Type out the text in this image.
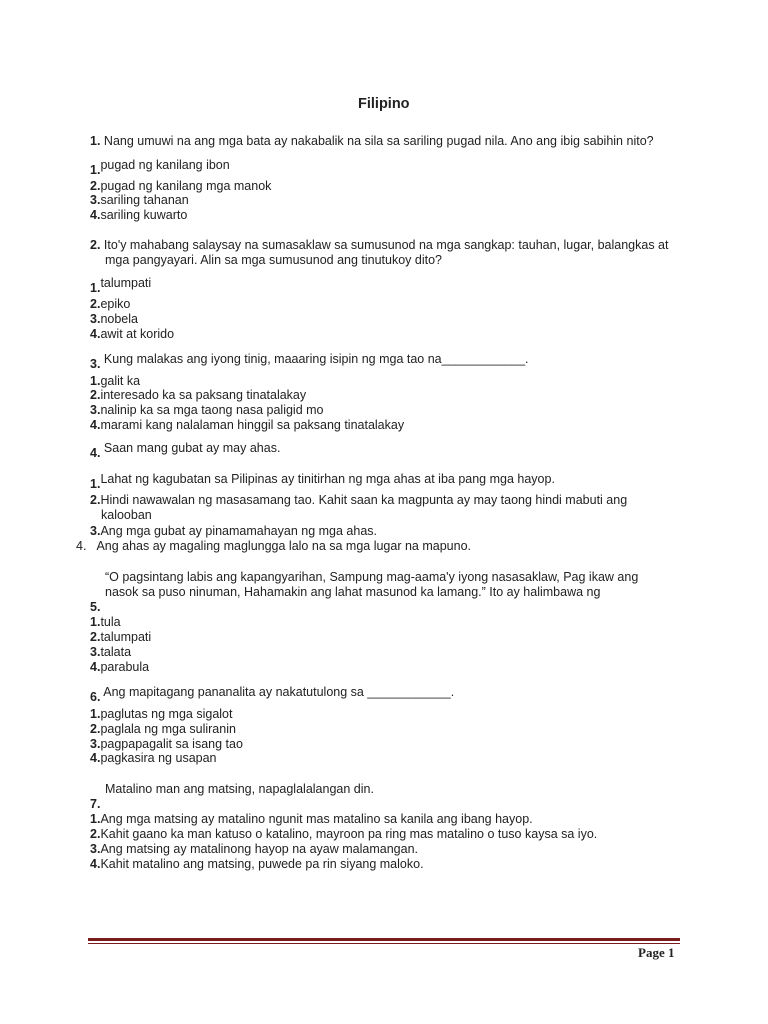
Filipino
1. Nang umuwi na ang mga bata ay nakabalik na sila sa sariling pugad nila. Ano ang ibig sabihin nito?
1.pugad ng kanilang ibon
2.pugad ng kanilang mga manok
3.sariling tahanan
4.sariling kuwarto
2. Ito'y mahabang salaysay na sumasaklaw sa sumusunod na mga sangkap: tauhan, lugar, balangkas at
mga pangyayari. Alin sa mga sumusunod ang tinutukoy dito?
1.talumpati
2.epiko
3.nobela
4.awit at korido
3. Kung malakas ang iyong tinig, maaaring isipin ng mga tao na____________.
1.galit ka
2.interesado ka sa paksang tinatalakay
3.nalinip ka sa mga taong nasa paligid mo
4.marami kang nalalaman hinggil sa paksang tinatalakay
4. Saan mang gubat ay may ahas.
1.Lahat ng kagubatan sa Pilipinas ay tinitirhan ng mga ahas at iba pang mga hayop.
2.Hindi nawawalan ng masasamang tao. Kahit saan ka magpunta ay may taong hindi mabuti ang
kalooban
3.Ang mga gubat ay pinamamahayan ng mga ahas.
4. Ang ahas ay magaling maglungga lalo na sa mga lugar na mapuno.
“O pagsintang labis ang kapangyarihan, Sampung mag-aama'y iyong nasasaklaw, Pag ikaw ang
nasok sa puso ninuman, Hahamakin ang lahat masunod ka lamang.” Ito ay halimbawa ng
5.
1.tula
2.talumpati
3.talata
4.parabula
6. Ang mapitagang pananalita ay nakatutulong sa ____________.
1.paglutas ng mga sigalot
2.paglala ng mga suliranin
3.pagpapagalit sa isang tao
4.pagkasira ng usapan
Matalino man ang matsing, napaglalalangan din.
7.
1.Ang mga matsing ay matalino ngunit mas matalino sa kanila ang ibang hayop.
2.Kahit gaano ka man katuso o katalino, mayroon pa ring mas matalino o tuso kaysa sa iyo.
3.Ang matsing ay matalinong hayop na ayaw malamangan.
4.Kahit matalino ang matsing, puwede pa rin siyang maloko.
Page 1
